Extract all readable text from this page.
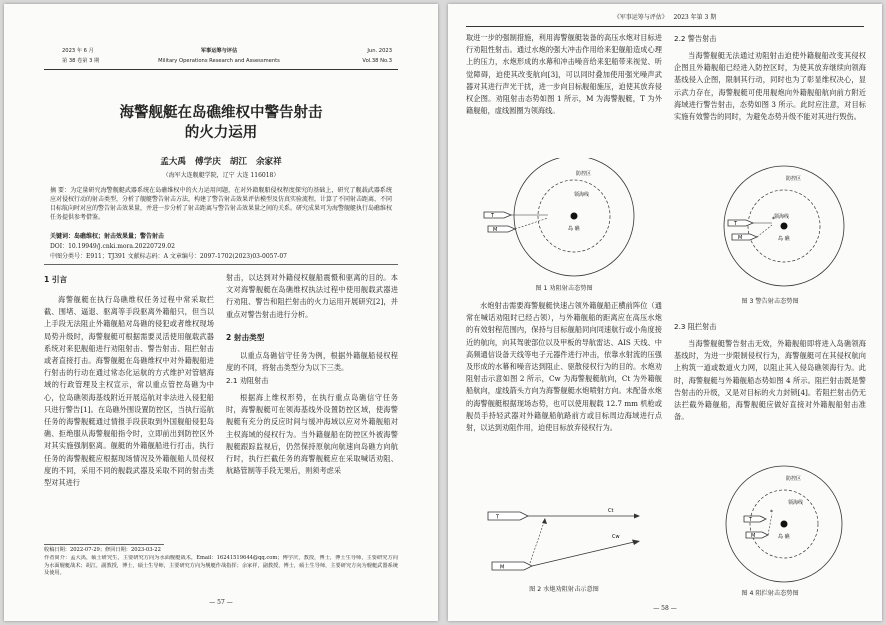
2023 年 6 月
第 38 卷第 3 期
军事运筹与评估
Military Operations Research and Assessments
Jun. 2023
Vol.38 No.3
海警舰艇在岛礁维权中警告射击
的火力运用
孟大禹   傅学庆   胡江   余家祥
（海军大连舰艇学院，辽宁 大连 116018）
摘 要：为定量研究海警舰艇武器系统在岛礁维权中的火力运用问题，在对外籍舰船侵权程度探究的基础上，研究了舰载武器系统应对侵权行动的射击类型，分析了舰艇警告射击方法，构建了警告射击效果评估模型及仿真实验流程，计算了不同射击距离、不同目标航向时对应的警告射击效果量，并进一步分析了射击距离与警告射击效果量之间的关系。研究成果可为海警舰艇执行岛礁维权任务提供参考借鉴。
关键词：岛礁维权；射击效果量；警告射击
DOI：10.19949/j.cnki.mora.20220729.02
中图分类号：E911；TJ391 文献标志码：A 文章编号：2097-1702(2023)03-0057-07
1 引言
海警舰艇在执行岛礁维权任务过程中常采取拦截、围堵、逼退、驱离等手段驱离外籍船只，但当以上手段无法阻止外籍舰船对岛礁的侵犯或者维权现场局势升级时，海警舰艇可根据需要灵活使用舰载武器系统对来犯舰船进行劝阻射击、警告射击、阻拦射击或者直接打击。海警舰艇在岛礁维权中对外籍舰船进行射击的行动在通过常态化运航的方式维护对管辖海域的行政管理及主权宣示，常以重点管控岛礁为中心，位岛礁领海基线附近开展巡航对非法进入侵犯船只进行警告[1]。在岛礁外围设置防控区，当执行巡航任务的海警舰艇通过情报手段获取到外国舰船侵犯岛礁、拒绝服从海警舰船指令时，立即前出到防控区外对其实施强制驱离。舰艇的外籍舰船进行打击，执行任务的海警舰艇应根据现场情况及外籍舰船人员侵权度的不同，采用不同的舰载武器及采取不同的射击类型对其进行
射击，以达到对外籍侵权舰船震慑和驱离的目的。本文对海警舰艇在岛礁维权执法过程中使用舰载武器进行劝阻、警告和阻拦射击的火力运用开展研究[2]，并重点对警告射击进行分析。
2 射击类型
以重点岛礁信守任务为例，根据外籍舰船侵权程度的不同，将射击类型分为以下三类。
2.1 劝阻射击
根据海上维权形势，在执行重点岛礁信守任务时，海警舰艇可在领海基线外设置防控区域，使海警舰艇有充分的反应时间与缓冲海域以应对外籍舰船对主权海域的侵权行为。当外籍舰船在防控区外被海警舰艇跟踪监视后，仍然保持原航向航速向岛礁方向航行时，执行拦截任务的海警舰艇应在采取喊话劝阻、航路管制等手段无果后，则须考虑采
收稿日期：2022-07-29；修回日期：2023-03-22
作者简介：孟大禹，硕士研究生，主要研究方向为水面舰艇战术，Email：16241519644@qq.com；傅学庆，教授，博士，博士生导师，主要研究方向为水面舰艇战术；胡江，副教授，博士，硕士生导师，主要研究方向为舰艇作战指挥；余家祥，副教授，博士，硕士生导师，主要研究方向为舰艇武器系统及使用。
— 57 —
《军事运筹与评估》 2023 年第 3 期
取进一步的强制措施，利用海警舰艇装备的高压水炮对目标进行劝阻性射击。通过水炮的强大冲击作用给来犯舰船造成心理上的压力，水炮形成的水幕和冲击噪音给来犯船带来视觉、听觉障碍，迫使其改变航向[3]，可以同时叠加使用强光噪声武器对其进行声光干扰，进一步向目标舰船施压，迫使其放弃侵权企图。劝阻射击态势如图 1 所示，M 为海警舰艇，T 为外籍舰船，虚线圆圈为领海线。
防控区
领海线
岛 礁
T
M
图 1 劝阻射击态势图
水炮射击需要海警舰艇快速占领外籍舰船正横前阵位（通常在喊话劝阻时已经占领），与外籍舰船的距离应在高压水炮的有效射程范围内，保持与目标舰船同向同速航行或小角度接近的航向，向其驾驶部位以及甲板的导航雷达、AIS 天线、中高频通信设备天线等电子元器件进行冲击，依靠水射流的压强及形成的水幕和噪音达到阻止、驱散侵权行为的目的。水炮劝阻射击示意如图 2 所示，Cw 为海警舰艇航向，Ct 为外籍舰船航向，虚线箭头方向为海警舰艇水炮喷射方向。未配备水炮的海警舰艇根据现场态势，也可以使用舰载 12.7 mm 机枪或舰员手持轻武器对外籍舰船航路前方或目标周边海域进行点射，以达到劝阻作用，迫使目标放弃侵权行为。
T
Ct
M
Cw
图 2 水炮劝阻射击示意图
2.2 警告射击
当海警舰艇无法通过劝阻射击迫使外籍舰船改变其侵权企图且外籍舰船已经进入防控区时，为使其放弃继续向领海基线侵入企图，限制其行动，同时也为了彰显维权决心，显示武力存在，海警舰艇可使用舰炮向外籍舰船航向前方附近海域进行警告射击，态势如图 3 所示。此时应注意，对目标实施有效警告的同时，为避免态势升级不能对其进行毁伤。
防控区
领海线
岛 礁
T
*
M
图 3 警告射击态势图
2.3 阻拦射击
当海警舰艇警告射击无效，外籍舰船即将进入岛礁领海基线时，为进一步限制侵权行为，海警舰艇可在其侵权航向上构筑一道或数道火力网，以阻止其入侵岛礁领海行为。此时，海警舰艇与外籍舰船态势如图 4 所示。阻拦射击既是警告射击的升级，又是对目标的火力封锁[4]。若阻拦射击仍无法拦截外籍舰船，海警舰艇应做好直接对外籍舰船射击准备。
防控区
领海线
岛 礁
T
M
*
图 4 阻拦射击态势图
— 58 —
